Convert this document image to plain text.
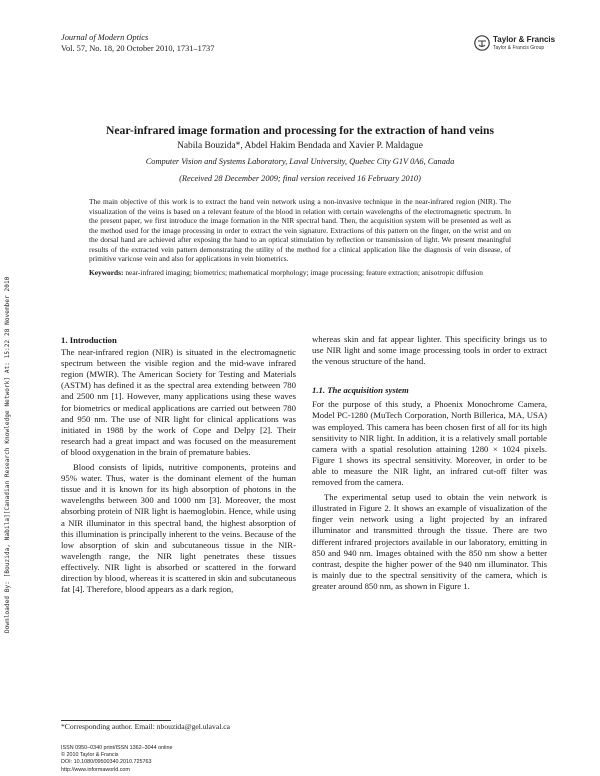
Journal of Modern Optics
Vol. 57, No. 18, 20 October 2010, 1731–1737
Taylor & Francis
Taylor & Francis Group
Downloaded By: [Bouzida, Nabila][Canadian Research Knowledge Network] At: 15:22 28 November 2010
Near-infrared image formation and processing for the extraction of hand veins
Nabila Bouzida*, Abdel Hakim Bendada and Xavier P. Maldague
Computer Vision and Systems Laboratory, Laval University, Quebec City G1V 0A6, Canada
(Received 28 December 2009; final version received 16 February 2010)

The main objective of this work is to extract the hand vein network using a non-invasive technique in the near-infrared region (NIR). The visualization of the veins is based on a relevant feature of the blood in relation with certain wavelengths of the electromagnetic spectrum. In the present paper, we first introduce the image formation in the NIR spectral band. Then, the acquisition system will be presented as well as the method used for the image processing in order to extract the vein signature. Extractions of this pattern on the finger, on the wrist and on the dorsal hand are achieved after exposing the hand to an optical stimulation by reflection or transmission of light. We present meaningful results of the extracted vein pattern demonstrating the utility of the method for a clinical application like the diagnosis of vein disease, of primitive varicose vein and also for applications in vein biometrics.

Keywords: near-infrared imaging; biometrics; mathematical morphology; image processing; feature extraction; anisotropic diffusion

1. Introduction

The near-infrared region (NIR) is situated in the electromagnetic spectrum between the visible region and the mid-wave infrared region (MWIR). The American Society for Testing and Materials (ASTM) has defined it as the spectral area extending between 780 and 2500 nm [1]. However, many applications using these waves for biometrics or medical applications are carried out between 780 and 950 nm. The use of NIR light for clinical applications was initiated in 1988 by the work of Cope and Delpy [2]. Their research had a great impact and was focused on the measurement of blood oxygenation in the brain of premature babies.

Blood consists of lipids, nutritive components, proteins and 95% water. Thus, water is the dominant element of the human tissue and it is known for its high absorption of photons in the wavelengths between 300 and 1000 nm [3]. Moreover, the most absorbing protein of NIR light is haemoglobin. Hence, while using a NIR illuminator in this spectral band, the highest absorption of this illumination is principally inherent to the veins. Because of the low absorption of skin and subcutaneous tissue in the NIR-wavelength range, the NIR light penetrates these tissues effectively. NIR light is absorbed or scattered in the forward direction by blood, whereas it is scattered in skin and subcutaneous fat [4]. Therefore, blood appears as a dark region,

whereas skin and fat appear lighter. This specificity brings us to use NIR light and some image processing tools in order to extract the venous structure of the hand.

1.1. The acquisition system

For the purpose of this study, a Phoenix Monochrome Camera, Model PC-1280 (MuTech Corporation, North Billerica, MA, USA) was employed. This camera has been chosen first of all for its high sensitivity to NIR light. In addition, it is a relatively small portable camera with a spatial resolution attaining 1280 × 1024 pixels. Figure 1 shows its spectral sensitivity. Moreover, in order to be able to measure the NIR light, an infrared cut-off filter was removed from the camera.

The experimental setup used to obtain the vein network is illustrated in Figure 2. It shows an example of visualization of the finger vein network using a light projected by an infrared illuminator and transmitted through the tissue. There are two different infrared projectors available in our laboratory, emitting in 850 and 940 nm. Images obtained with the 850 nm show a better contrast, despite the higher power of the 940 nm illuminator. This is mainly due to the spectral sensitivity of the camera, which is greater around 850 nm, as shown in Figure 1.

*Corresponding author. Email: nbouzida@gel.ulaval.ca
ISSN 0950–0340 print/ISSN 1362–3044 online
© 2010 Taylor & Francis
DOI: 10.1080/09500340.2010.725763
http://www.informaworld.com
